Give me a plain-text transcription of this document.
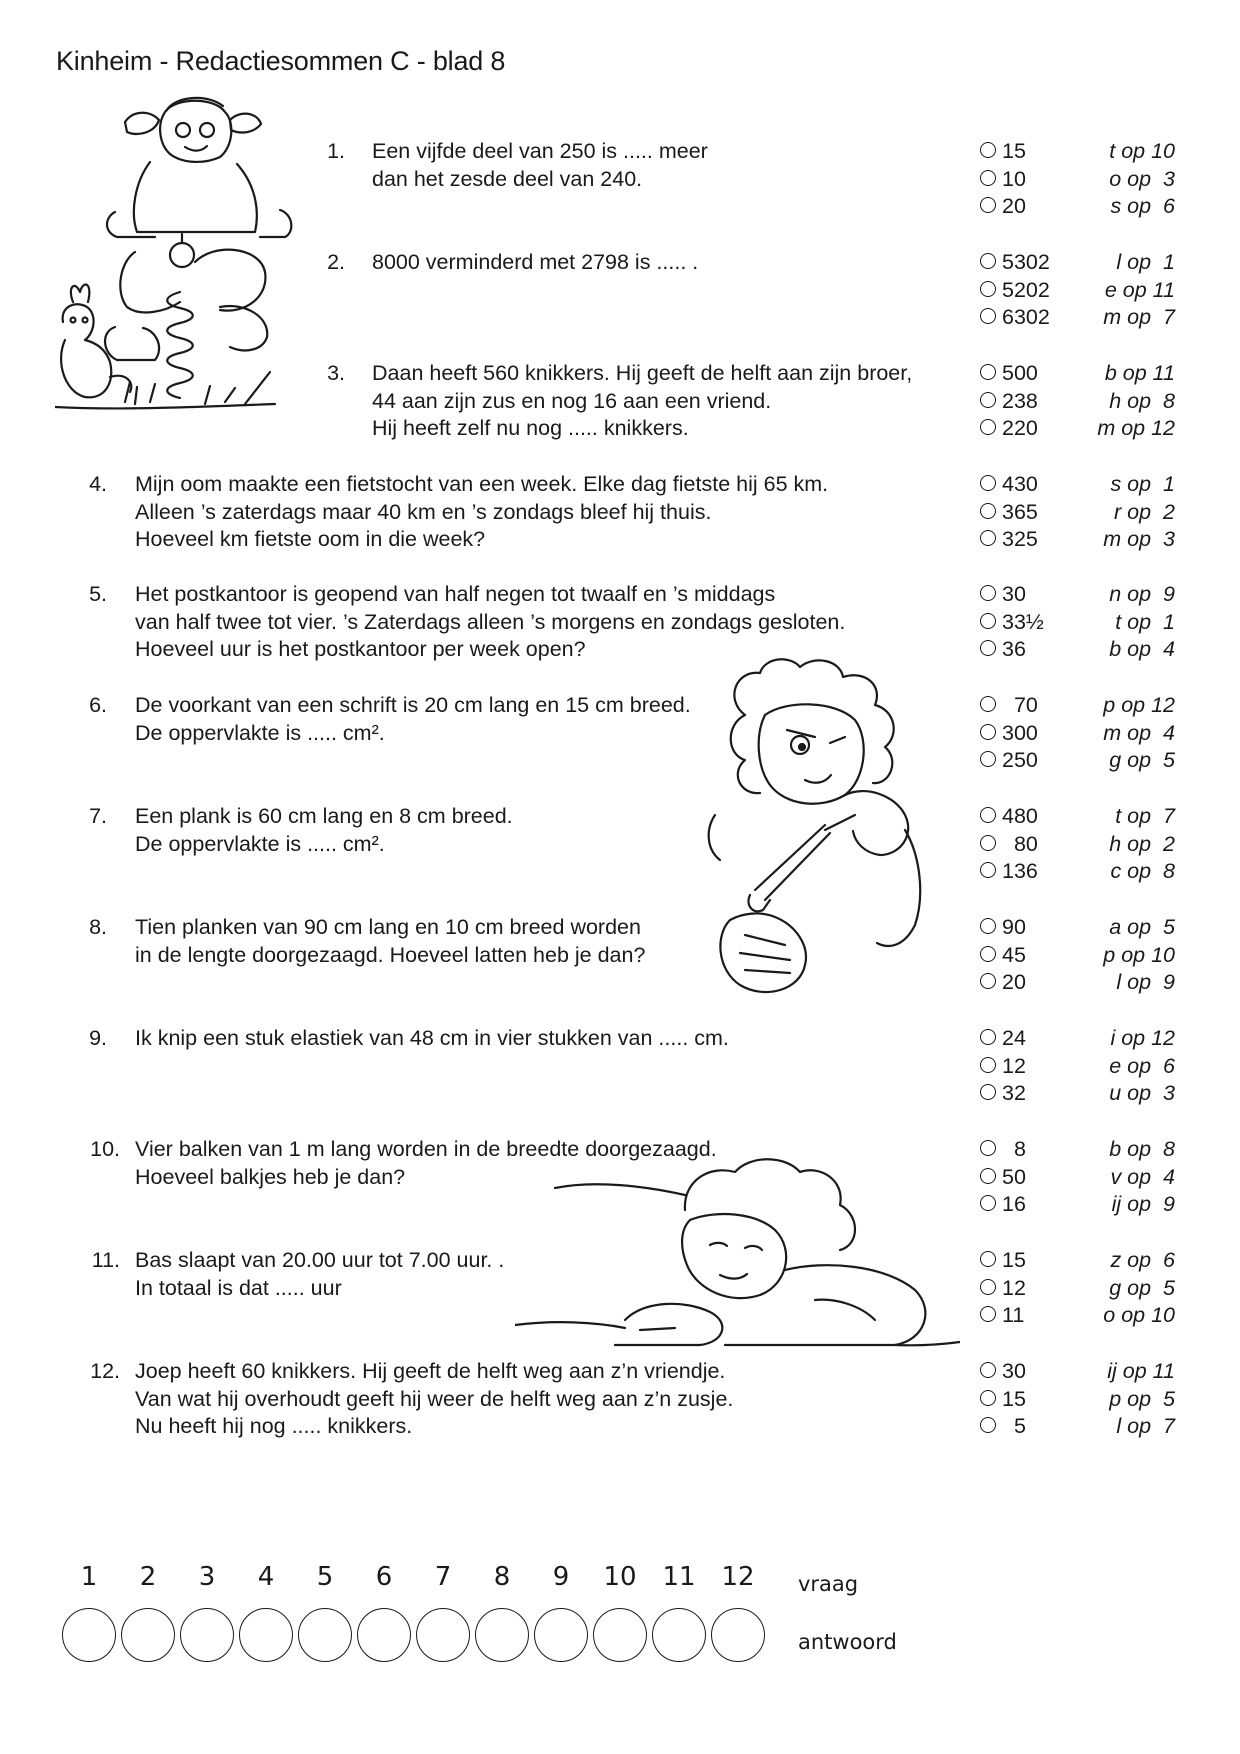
Kinheim - Redactiesommen C - blad 8
1. Een vijfde deel van 250 is ..... meer
dan het zesde deel van 240.
15	t op 10
10	o op  3
20	s op  6
2. 8000 verminderd met 2798 is ..... .	5302	l op  1
5202	e op 11
6302 m op  7
3. Daan heeft 560 knikkers. Hij geeft de helft aan zijn broer,
44 aan zijn zus en nog 16 aan een vriend.
Hij heeft zelf nu nog ..... knikkers.
500	b op 11
238	h op  8
220	m op 12
4. Mijn oom maakte een fietstocht van een week. Elke dag fietste hij 65 km.
Alleen ’s zaterdags maar 40 km en ’s zondags bleef hij thuis.
Hoeveel km fietste oom in die week?
430	s op  1
365	r op  2
325	m op  3
5. Het postkantoor is geopend van half negen tot twaalf en ’s middags
van half twee tot vier. ’s Zaterdags alleen ’s morgens en zondags gesloten.
Hoeveel uur is het postkantoor per week open?
30	n op  9
33½	t op  1
36	b op  4
6. De voorkant van een schrift is 20 cm lang en 15 cm breed.
De oppervlakte is ..... cm².
70	p op 12
300	m op  4
250	g op  5
7. Een plank is 60 cm lang en 8 cm breed.
De oppervlakte is ..... cm².
480	t op  7
80	h op  2
136	c op  8
8. Tien planken van 90 cm lang en 10 cm breed worden
in de lengte doorgezaagd. Hoeveel latten heb je dan?
90	a op  5
45	p op 10
20	l op  9
9. Ik knip een stuk elastiek van 48 cm in vier stukken van ..... cm.	24	i op 12
12	e op  6
32	u op  3
10. Vier balken van 1 m lang worden in de breedte doorgezaagd.
Hoeveel balkjes heb je dan?
8	b op  8
50	v op  4
16	ij op  9
11. Bas slaapt van 20.00 uur tot 7.00 uur. .
In totaal is dat ..... uur
15	z op  6
12	g op  5
11	o op 10
12. Joep heeft 60 knikkers. Hij geeft de helft weg aan z’n vriendje.
Van wat hij overhoudt geeft hij weer de helft weg aan z’n zusje.
Nu heeft hij nog ..... knikkers.
30	ij op 11
15	p op  5
5	l op  7
1	2	3	4	5	6	7	8	9	10 11 12	vraag
antwoord
